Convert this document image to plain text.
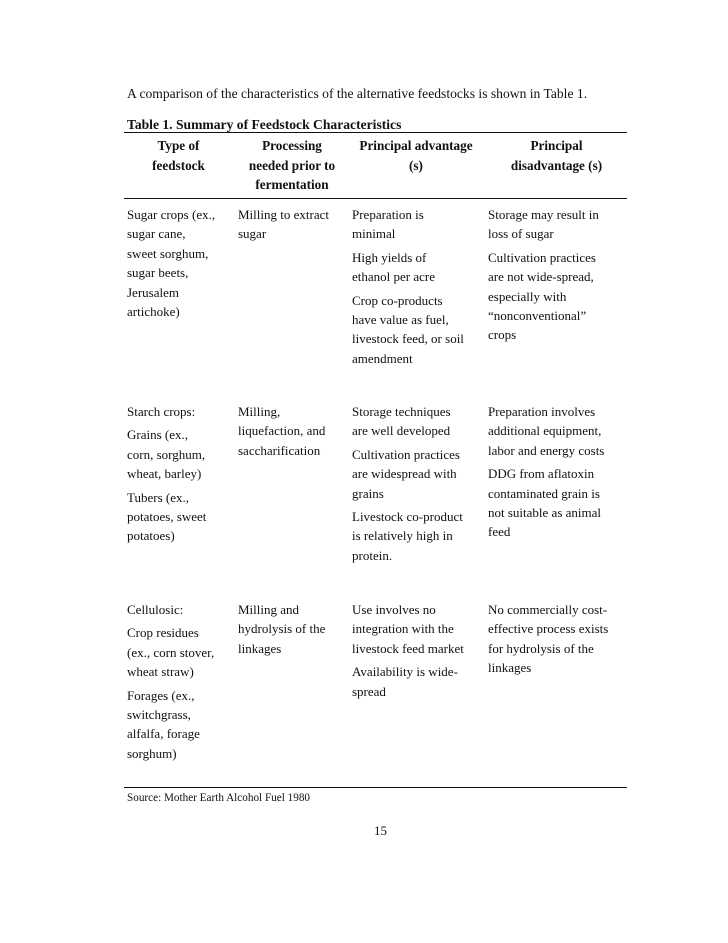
A comparison of the characteristics of the alternative feedstocks is shown in Table 1.
Table 1. Summary of Feedstock Characteristics

Type of

feedstock

Processing

needed prior to

fermentation

Principal advantage

(s)

Principal

disadvantage (s)

Sugar crops (ex.,
sugar cane,
sweet sorghum,
sugar beets,
Jerusalem
artichoke)

Milling to extract
sugar

Preparation is
minimal

High yields of
ethanol per acre

Crop co-products
have value as fuel,
livestock feed, or soil
amendment

Storage may result in
loss of sugar

Cultivation practices
are not wide-spread,
especially with
“nonconventional”
crops

Starch crops:

Grains (ex.,
corn, sorghum,
wheat, barley)

Tubers (ex.,
potatoes, sweet
potatoes)

Milling,
liquefaction, and
saccharification

Storage techniques
are well developed

Cultivation practices
are widespread with
grains

Livestock co-product
is relatively high in
protein.

Preparation involves
additional equipment,
labor and energy costs

DDG from aflatoxin
contaminated grain is
not suitable as animal
feed

Cellulosic:

Crop residues
(ex., corn stover,
wheat straw)

Forages (ex.,
switchgrass,
alfalfa, forage
sorghum)

Milling and
hydrolysis of the
linkages

Use involves no
integration with the
livestock feed market

Availability is wide-
spread

No commercially cost-
effective process exists
for hydrolysis of the
linkages

Source: Mother Earth Alcohol Fuel 1980
15
